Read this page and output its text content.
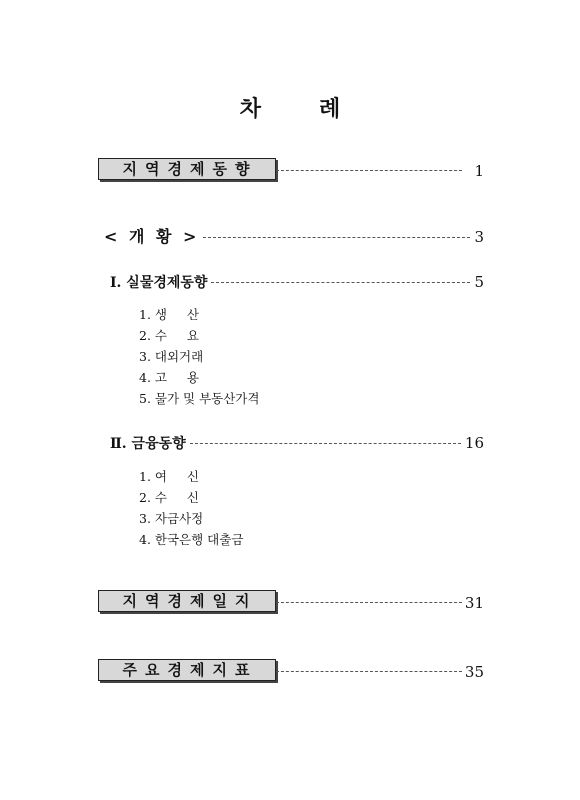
차	례
지역경제동향	1
< 개 황 >	3
Ⅰ. 실물경제동향	5
1. 생     산
2. 수     요
3. 대외거래
4. 고     용
5. 물가 및 부동산가격
Ⅱ. 금융동향	16
1. 여     신
2. 수     신
3. 자금사정
4. 한국은행 대출금
지역경제일지	31
주요경제지표	35
